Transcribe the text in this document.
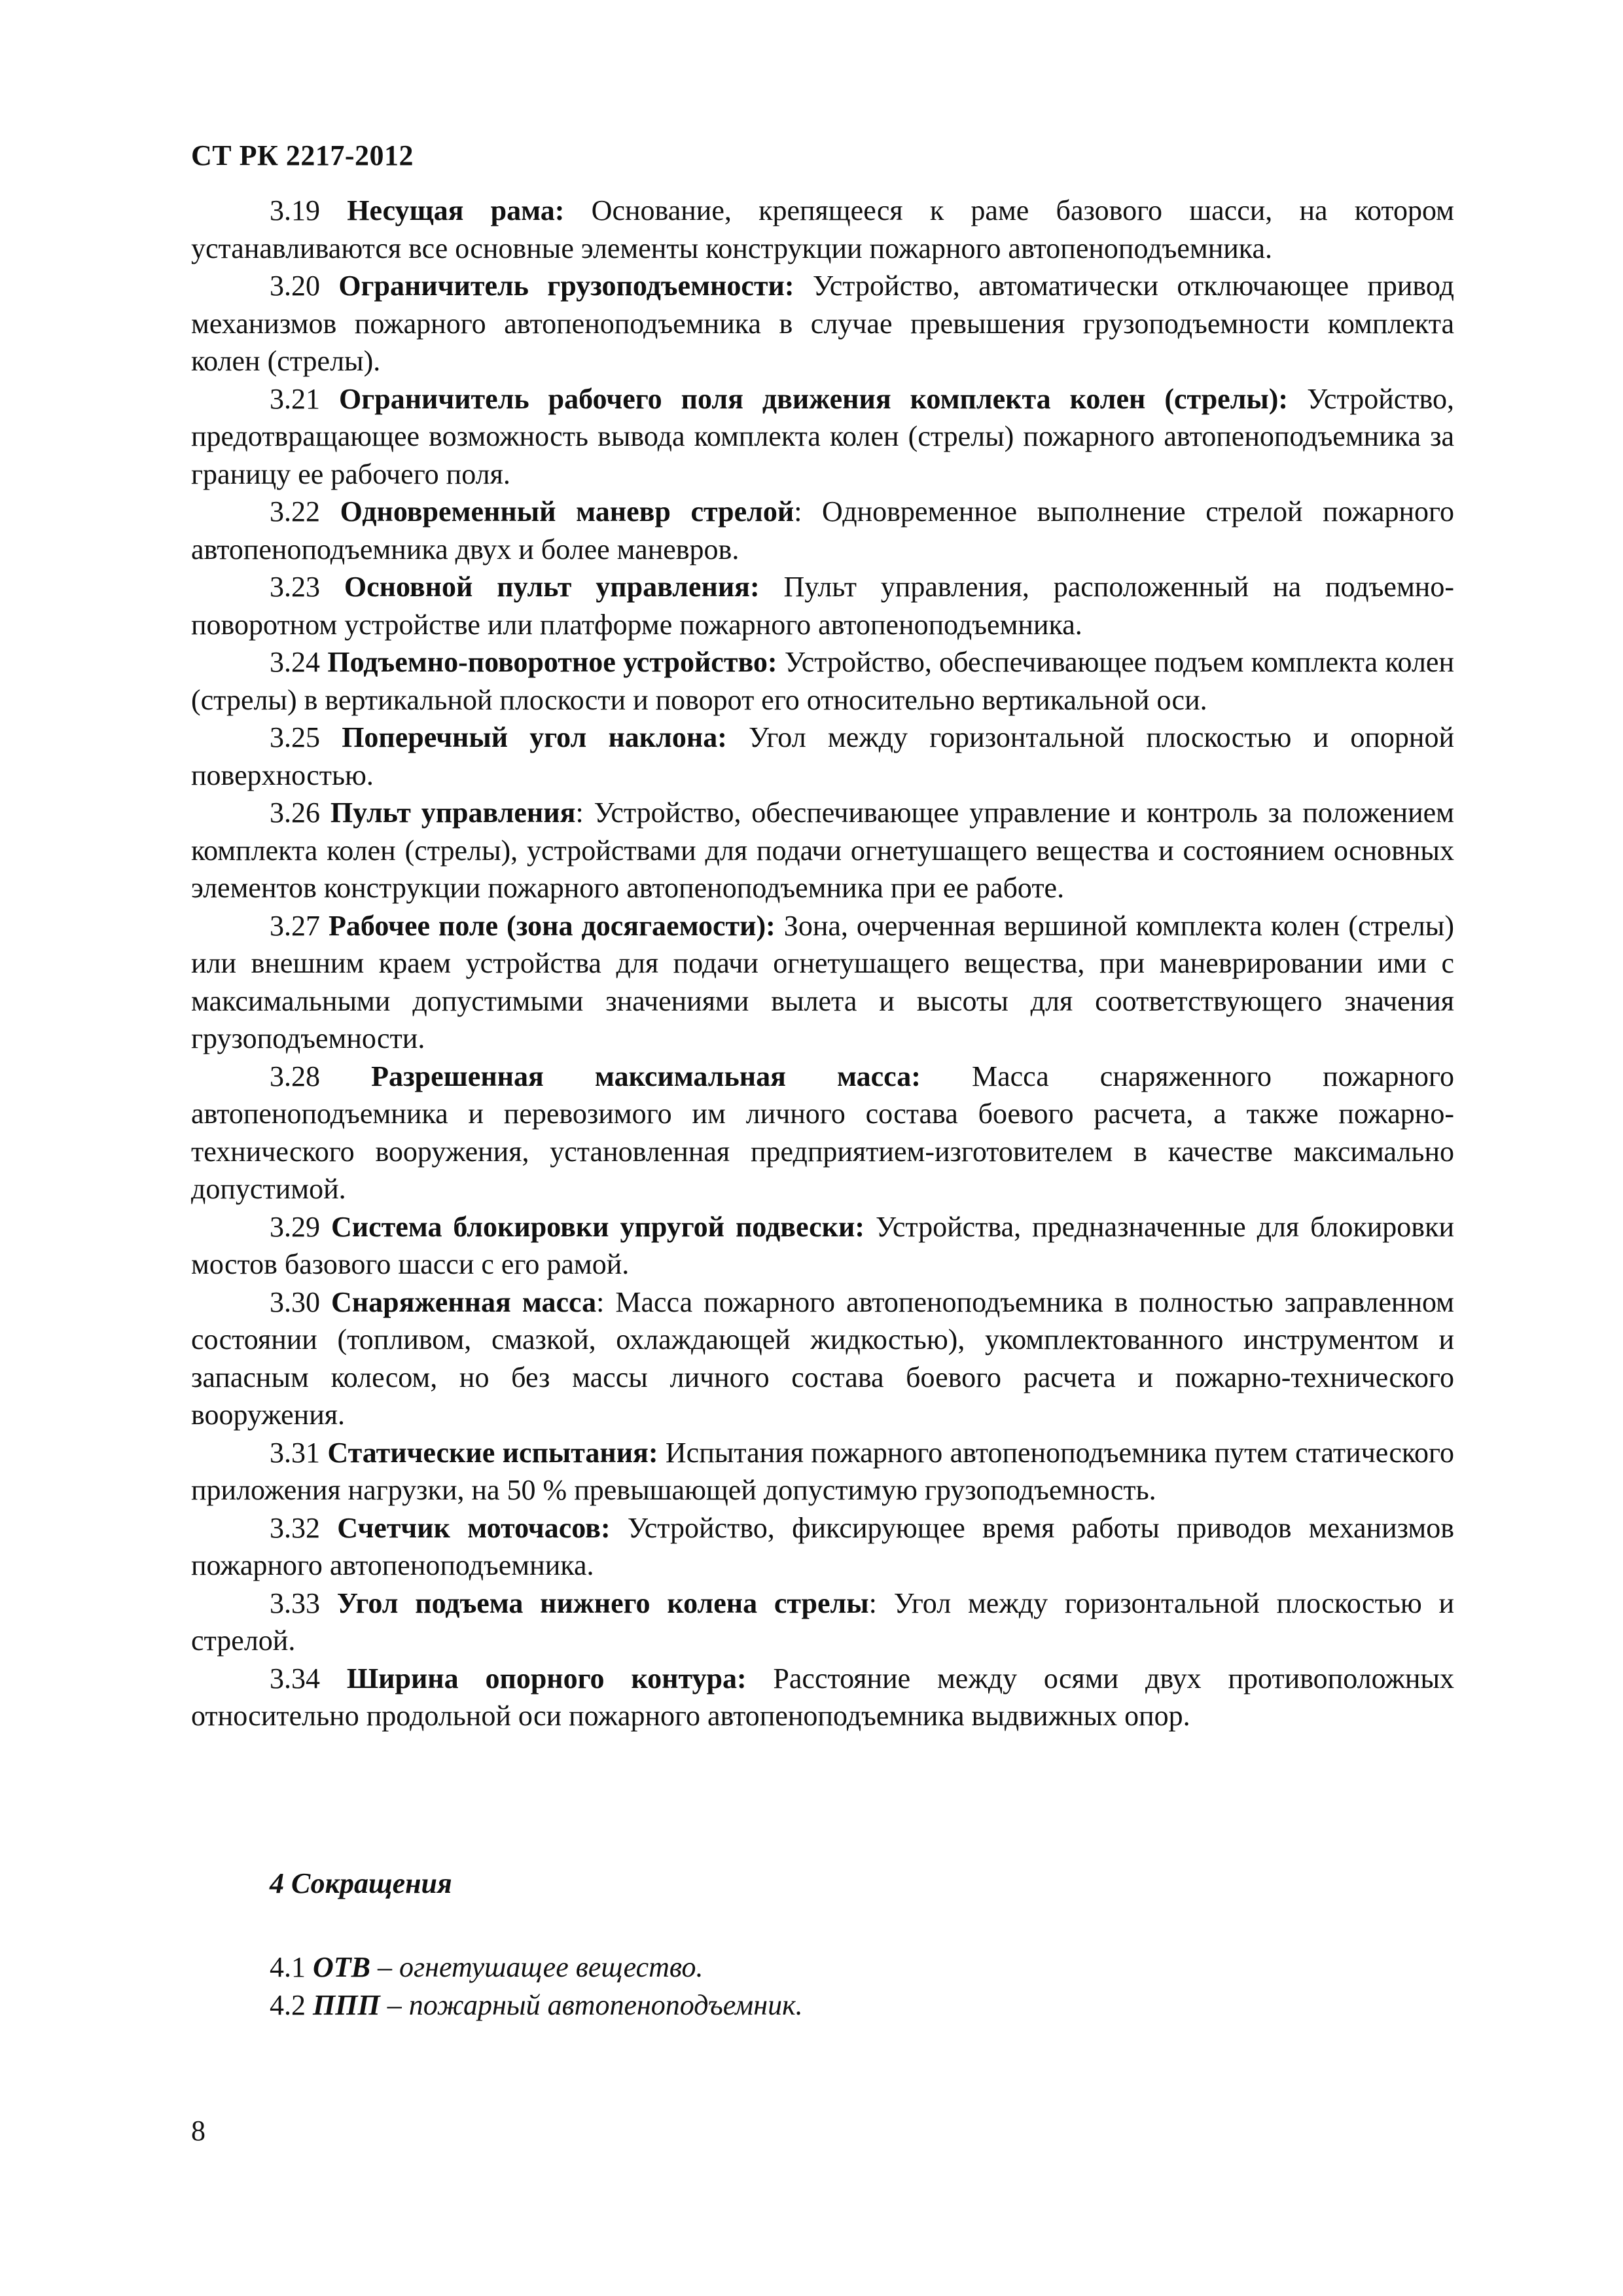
СТ РК 2217-2012

3.19 Несущая рама: Основание, крепящееся к раме базового шасси, на котором устанавливаются все основные элементы конструкции пожарного автопеноподъемника.

3.20 Ограничитель грузоподъемности: Устройство, автоматически отключающее привод механизмов пожарного автопеноподъемника в случае превышения грузоподъемности комплекта колен (стрелы).

3.21 Ограничитель рабочего поля движения комплекта колен (стрелы): Устройство, предотвращающее возможность вывода комплекта колен (стрелы) пожарного автопеноподъемника за границу ее рабочего поля.

3.22 Одновременный маневр стрелой: Одновременное выполнение стрелой пожарного автопеноподъемника двух и более маневров.

3.23 Основной пульт управления: Пульт управления, расположенный на подъемно-поворотном устройстве или платформе пожарного автопеноподъемника.

3.24 Подъемно-поворотное устройство: Устройство, обеспечивающее подъем комплекта колен (стрелы) в вертикальной плоскости и поворот его относительно вертикальной оси.

3.25 Поперечный угол наклона: Угол между горизонтальной плоскостью и опорной поверхностью.

3.26 Пульт управления: Устройство, обеспечивающее управление и контроль за положением комплекта колен (стрелы), устройствами для подачи огнетушащего вещества и состоянием основных элементов конструкции пожарного автопеноподъемника при ее работе.

3.27 Рабочее поле (зона досягаемости): Зона, очерченная вершиной комплекта колен (стрелы) или внешним краем устройства для подачи огнетушащего вещества, при маневрировании ими с максимальными допустимыми значениями вылета и высоты для соответствующего значения грузоподъемности.

3.28 Разрешенная максимальная масса: Масса снаряженного пожарного автопеноподъемника и перевозимого им личного состава боевого расчета, а также пожарно-технического вооружения, установленная предприятием-изготовителем в качестве максимально допустимой.

3.29 Система блокировки упругой подвески: Устройства, предназначенные для блокировки мостов базового шасси с его рамой.

3.30 Снаряженная масса: Масса пожарного автопеноподъемника в полностью заправленном состоянии (топливом, смазкой, охлаждающей жидкостью), укомплектованного инструментом и запасным колесом, но без массы личного состава боевого расчета и пожарно-технического вооружения.

3.31 Статические испытания: Испытания пожарного автопеноподъемника путем статического приложения нагрузки, на 50 % превышающей допустимую грузоподъемность.

3.32 Счетчик моточасов: Устройство, фиксирующее время работы приводов механизмов пожарного автопеноподъемника.

3.33 Угол подъема нижнего колена стрелы: Угол между горизонтальной плоскостью и стрелой.

3.34 Ширина опорного контура: Расстояние между осями двух противоположных относительно продольной оси пожарного автопеноподъемника выдвижных опор.

4 Сокращения

4.1 ОТВ – огнетушащее вещество.

4.2 ППП – пожарный автопеноподъемник.

8
